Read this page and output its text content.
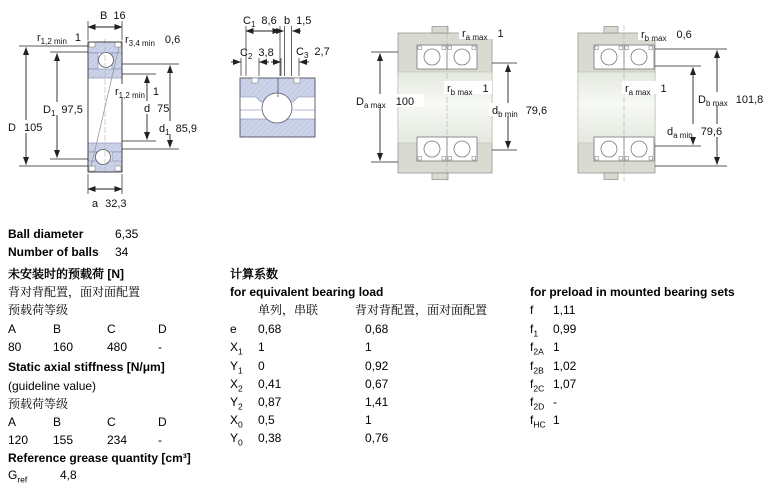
B 16
$r_{1,2 min}$ 1	$r_{3,4 min}$ 0,6
D 105
$D_1$ 97,5
$r_{1,2 min}$ 1
d 75
$d_1$ 85,9
a 32,3
$C_1$ 8,6 b 1,5
$C_2$ 3,8 $C_3$ 2,7
$D_{a max}$ 100
$r_{a max}$ 1
$r_{b max}$ 1
$d_{b min}$ 79,6
$r_{b max}$ 0,6
$r_{a max}$ 1
$D_{b max}$ 101,8
$d_{a min}$ 79,6
Ball diameter	6,35
Number of balls 34
未安装时的预载荷 [N]
背对背配置，面对面配置
预载荷等级
A	B	C	D
80	160	480	-
Static axial stiffness [N/μm]
(guideline value)
预载荷等级
A	B	C	D
120 155	234	-
Reference grease quantity [cm³]
$G_{ref}$	4,8
计算系数
for equivalent bearing load
单列，串联	背对背配置，面对面配置
e 0,68	0,68
$X_1$ 1	1
$Y_1$ 0	0,92
$X_2$ 0,41	0,67
$Y_2$ 0,87	1,41
$X_0$ 0,5	1
$Y_0$ 0,38	0,76
for preload in mounted bearing sets
f 1,11
$f_1$ 0,99
$f_{2A}$ 1
$f_{2B}$ 1,02
$f_{2C}$ 1,07
$f_{2D}$ -
$f_{HC}$ 1
